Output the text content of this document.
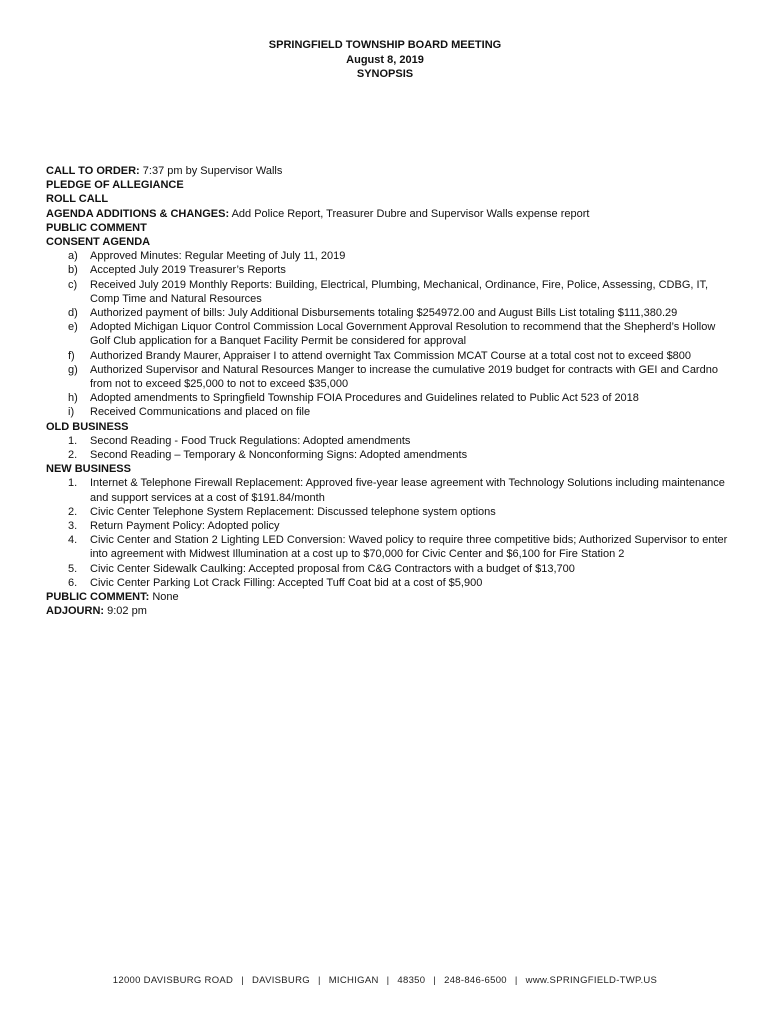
SPRINGFIELD TOWNSHIP BOARD MEETING
August 8, 2019
SYNOPSIS

CALL TO ORDER: 7:37 pm by Supervisor Walls

PLEDGE OF ALLEGIANCE

ROLL CALL

AGENDA ADDITIONS & CHANGES: Add Police Report, Treasurer Dubre and Supervisor Walls expense report

PUBLIC COMMENT

CONSENT AGENDA

a) Approved Minutes: Regular Meeting of July 11, 2019
b) Accepted July 2019 Treasurer’s Reports
c) Received July 2019 Monthly Reports: Building, Electrical, Plumbing, Mechanical, Ordinance, Fire, Police, Assessing, CDBG, IT, Comp Time and Natural Resources
d) Authorized payment of bills: July Additional Disbursements totaling $254972.00 and August Bills List totaling $111,380.29
e) Adopted Michigan Liquor Control Commission Local Government Approval Resolution to recommend that the Shepherd’s Hollow Golf Club application for a Banquet Facility Permit be considered for approval
f) Authorized Brandy Maurer, Appraiser I to attend overnight Tax Commission MCAT Course at a total cost not to exceed $800
g) Authorized Supervisor and Natural Resources Manger to increase the cumulative 2019 budget for contracts with GEI and Cardno from not to exceed $25,000 to not to exceed $35,000
h) Adopted amendments to Springfield Township FOIA Procedures and Guidelines related to Public Act 523 of 2018
i) Received Communications and placed on file

OLD BUSINESS

1. Second Reading - Food Truck Regulations: Adopted amendments
2. Second Reading – Temporary & Nonconforming Signs: Adopted amendments

NEW BUSINESS

1. Internet & Telephone Firewall Replacement: Approved five-year lease agreement with Technology Solutions including maintenance and support services at a cost of $191.84/month
2. Civic Center Telephone System Replacement: Discussed telephone system options
3. Return Payment Policy: Adopted policy
4. Civic Center and Station 2 Lighting LED Conversion: Waved policy to require three competitive bids; Authorized Supervisor to enter into agreement with Midwest Illumination at a cost up to $70,000 for Civic Center and $6,100 for Fire Station 2
5. Civic Center Sidewalk Caulking: Accepted proposal from C&G Contractors with a budget of $13,700
6. Civic Center Parking Lot Crack Filling: Accepted Tuff Coat bid at a cost of $5,900

PUBLIC COMMENT: None

ADJOURN: 9:02 pm

12000 DAVISBURG ROAD | DAVISBURG | MICHIGAN | 48350 | 248-846-6500 | www.SPRINGFIELD-TWP.US
